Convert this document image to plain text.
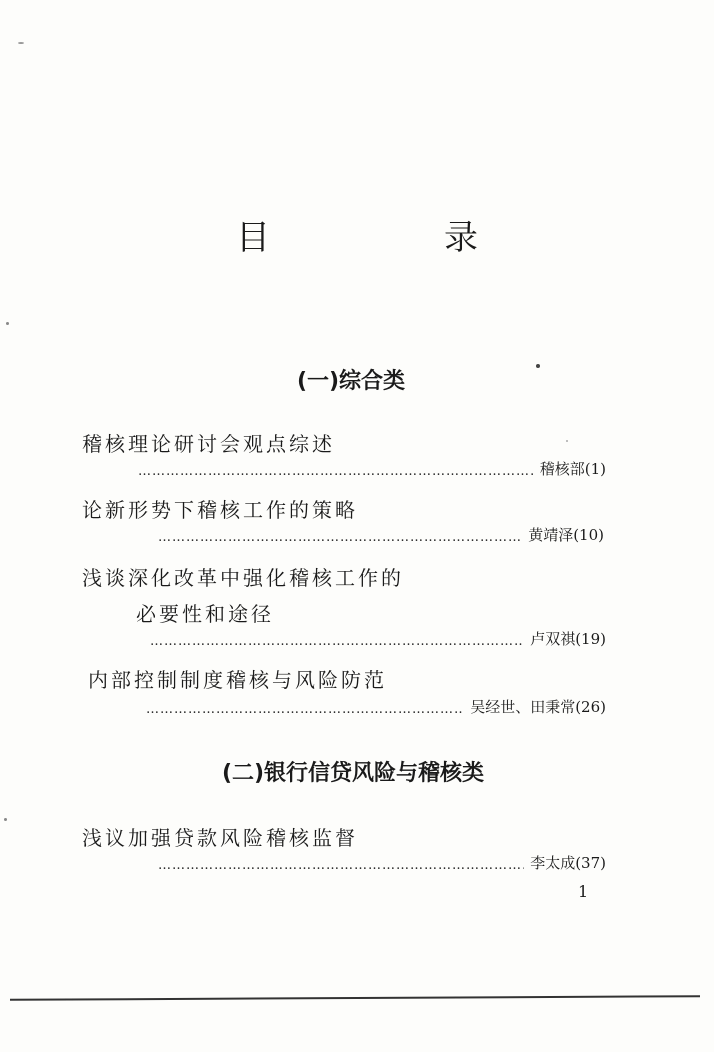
目　录
(一)综合类
稽核理论研讨会观点综述
…………………………………………………………………………………………………………………………………………………
稽核部(1)
论新形势下稽核工作的策略
…………………………………………………………………………………………………………………………………………………
黄靖泽(10)
浅谈深化改革中强化稽核工作的
必要性和途径
…………………………………………………………………………………………………………………………………………………
卢双祺(19)
内部控制制度稽核与风险防范
…………………………………………………………………………………………………………………………………………………
吴经世、田秉常(26)
(二)银行信贷风险与稽核类
浅议加强贷款风险稽核监督
…………………………………………………………………………………………………………………………………………………
李太成(37)
1
